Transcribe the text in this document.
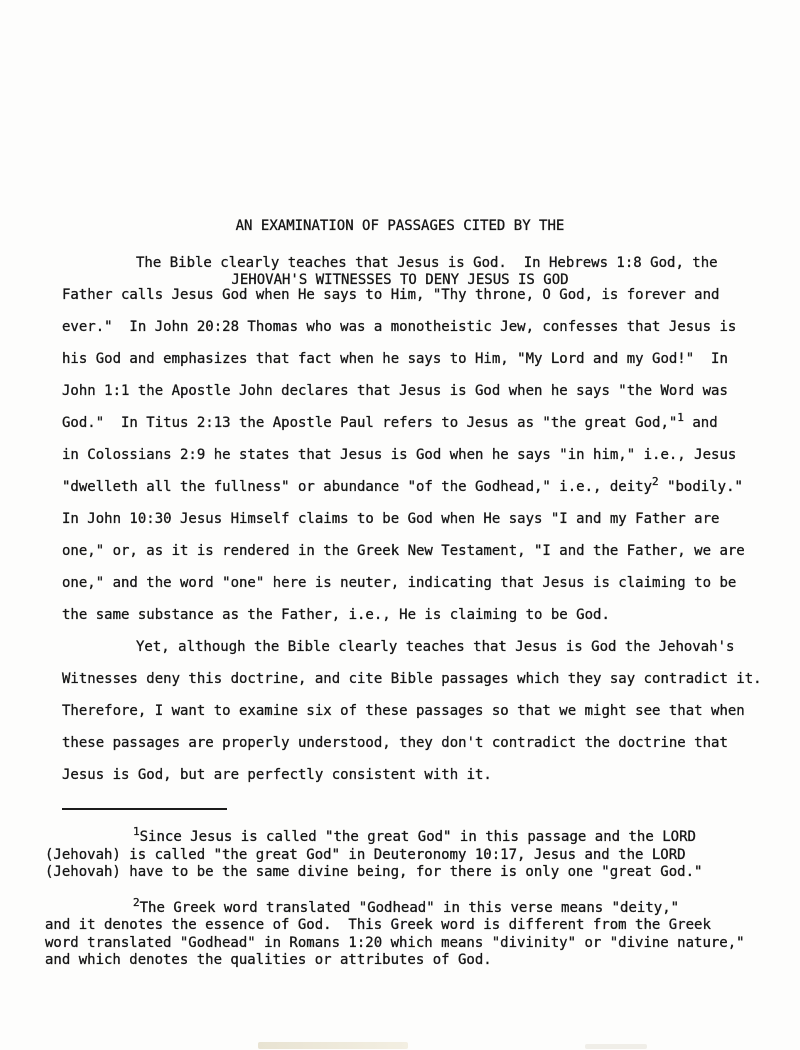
AN EXAMINATION OF PASSAGES CITED BY THE

JEHOVAH'S WITNESSES TO DENY JESUS IS GOD

The Bible clearly teaches that Jesus is God.  In Hebrews 1:8 God, the
Father calls Jesus God when He says to Him, "Thy throne, O God, is forever and
ever."  In John 20:28 Thomas who was a monotheistic Jew, confesses that Jesus is
his God and emphasizes that fact when he says to Him, "My Lord and my God!"  In
John 1:1 the Apostle John declares that Jesus is God when he says "the Word was
God."  In Titus 2:13 the Apostle Paul refers to Jesus as "the great God,"$^1$ and
in Colossians 2:9 he states that Jesus is God when he says "in him," i.e., Jesus
"dwelleth all the fullness" or abundance "of the Godhead," i.e., deity$^2$ "bodily."
In John 10:30 Jesus Himself claims to be God when He says "I and my Father are
one," or, as it is rendered in the Greek New Testament, "I and the Father, we are
one," and the word "one" here is neuter, indicating that Jesus is claiming to be
the same substance as the Father, i.e., He is claiming to be God.
Yet, although the Bible clearly teaches that Jesus is God the Jehovah's
Witnesses deny this doctrine, and cite Bible passages which they say contradict it.
Therefore, I want to examine six of these passages so that we might see that when
these passages are properly understood, they don't contradict the doctrine that
Jesus is God, but are perfectly consistent with it.
$^1$Since Jesus is called "the great God" in this passage and the LORD
(Jehovah) is called "the great God" in Deuteronomy 10:17, Jesus and the LORD
(Jehovah) have to be the same divine being, for there is only one "great God."
$^2$The Greek word translated "Godhead" in this verse means "deity,"
and it denotes the essence of God.  This Greek word is different from the Greek
word translated "Godhead" in Romans 1:20 which means "divinity" or "divine nature,"
and which denotes the qualities or attributes of God.
